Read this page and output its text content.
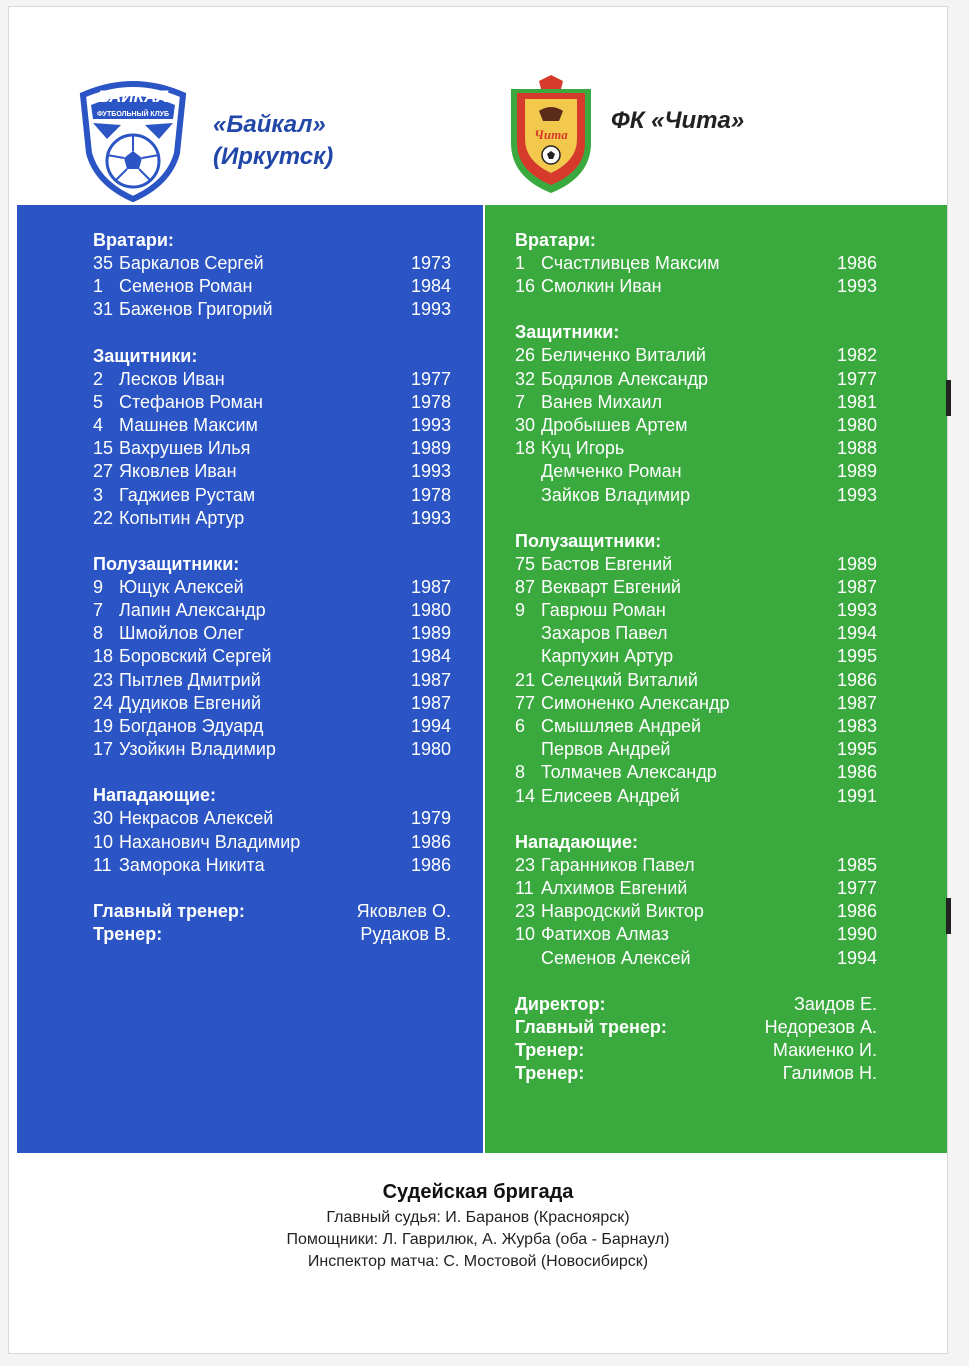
БАЙКАЛ
ФУТБОЛЬНЫЙ КЛУБ «Байкал»
(Иркутск)
Чита
ФК «Чита»
Вратари:
35 Баркалов Сергей	1973
1 Семенов Роман	1984
31 Баженов Григорий	1993
Защитники:
2 Лесков Иван	1977
5 Стефанов Роман	1978
4 Машнев Максим	1993
15 Вахрушев Илья	1989
27 Яковлев Иван	1993
3 Гаджиев Рустам	1978
22 Копытин Артур	1993
Полузащитники:
9 Ющук Алексей	1987
7 Лапин Александр	1980
8 Шмойлов Олег	1989
18 Боровский Сергей	1984
23 Пытлев Дмитрий	1987
24 Дудиков Евгений	1987
19 Богданов Эдуард	1994
17 Узойкин Владимир	1980
Нападающие:
30 Некрасов Алексей	1979
10 Наханович Владимир	1986
11 Заморока Никита	1986
Главный тренер:	Яковлев О.
Тренер:	Рудаков В.
Вратари:
1 Счастливцев Максим	1986
16 Смолкин Иван	1993
Защитники:
26 Беличенко Виталий	1982
32 Бодялов Александр	1977
7 Ванев Михаил	1981
30 Дробышев Артем	1980
18 Куц Игорь	1988
Демченко Роман	1989
Зайков Владимир	1993
Полузащитники:
75 Бастов Евгений	1989
87 Векварт Евгений	1987
9 Гаврюш Роман	1993
Захаров Павел	1994
Карпухин Артур	1995
21 Селецкий Виталий	1986
77 Симоненко Александр	1987
6 Смышляев Андрей	1983
Первов Андрей	1995
8 Толмачев Александр	1986
14 Елисеев Андрей	1991
Нападающие:
23 Гаранников Павел	1985
11 Алхимов Евгений	1977
23 Навродский Виктор	1986
10 Фатихов Алмаз	1990
Семенов Алексей	1994
Директор:	Заидов Е.
Главный тренер:	Недорезов А.
Тренер:	Макиенко И.
Тренер:	Галимов Н.
Судейская бригада
Главный судья: И. Баранов (Красноярск)
Помощники: Л. Гаврилюк, А. Журба (оба - Барнаул)
Инспектор матча: С. Мостовой (Новосибирск)
